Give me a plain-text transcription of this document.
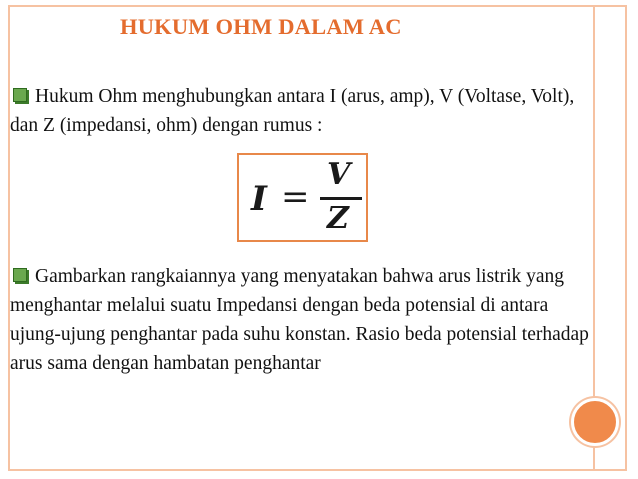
HUKUM OHM DALAM AC

Hukum Ohm menghubungkan antara I (arus, amp), V (Voltase, Volt), dan Z (impedansi, ohm) dengan rumus :

I =
V
Z

Gambarkan rangkaiannya yang menyatakan bahwa arus listrik yang menghantar melalui suatu Impedansi dengan beda potensial di antara ujung-ujung penghantar pada suhu konstan. Rasio beda potensial terhadap arus sama dengan hambatan penghantar
